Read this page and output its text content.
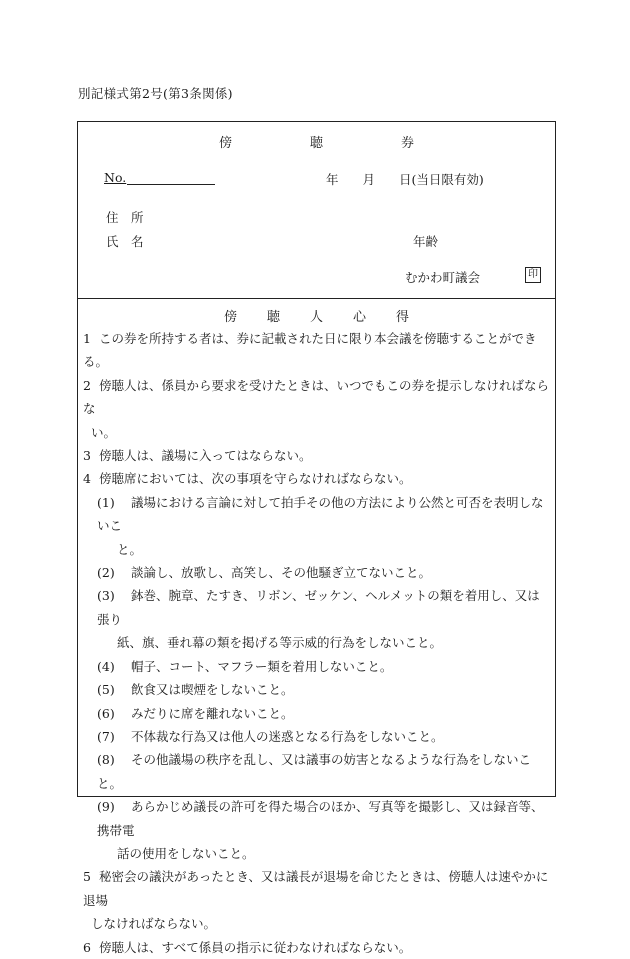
別記様式第2号(第3条関係)
傍	聴	券
No.	年 月 日(当日限有効)
住　所
氏　名	年齢
むかわ町議会	印
傍 聴 人 心 得

1 この券を所持する者は、券に記載された日に限り本会議を傍聴することができる。

2 傍聴人は、係員から要求を受けたときは、いつでもこの券を提示しなければならな
い。

3 傍聴人は、議場に入ってはならない。

4 傍聴席においては、次の事項を守らなければならない。

(1) 議場における言論に対して拍手その他の方法により公然と可否を表明しないこ
と。

(2) 談論し、放歌し、高笑し、その他騒ぎ立てないこと。

(3) 鉢巻、腕章、たすき、リボン、ゼッケン、ヘルメットの類を着用し、又は張り
紙、旗、垂れ幕の類を掲げる等示威的行為をしないこと。

(4) 帽子、コート、マフラー類を着用しないこと。

(5) 飲食又は喫煙をしないこと。

(6) みだりに席を離れないこと。

(7) 不体裁な行為又は他人の迷惑となる行為をしないこと。

(8) その他議場の秩序を乱し、又は議事の妨害となるような行為をしないこと。

(9) あらかじめ議長の許可を得た場合のほか、写真等を撮影し、又は録音等、携帯電
話の使用をしないこと。

5 秘密会の議決があったとき、又は議長が退場を命じたときは、傍聴人は速やかに退場
しなければならない。

6 傍聴人は、すべて係員の指示に従わなければならない。
